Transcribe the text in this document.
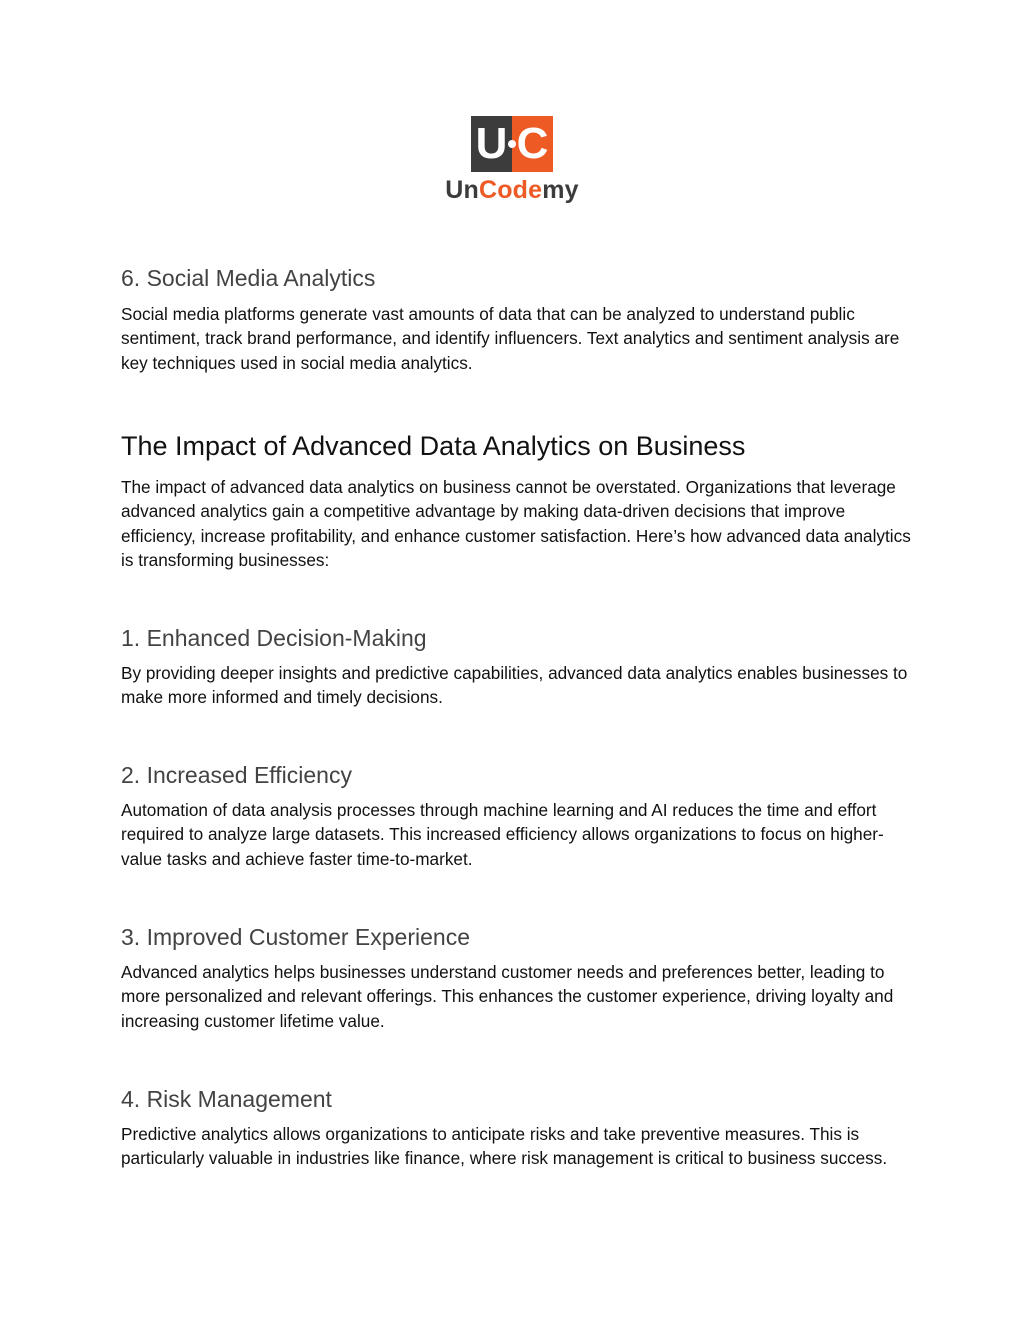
U C
UnCodemy
6. Social Media Analytics

Social media platforms generate vast amounts of data that can be analyzed to understand public sentiment, track brand performance, and identify influencers. Text analytics and sentiment analysis are key techniques used in social media analytics.

The Impact of Advanced Data Analytics on Business

The impact of advanced data analytics on business cannot be overstated. Organizations that leverage advanced analytics gain a competitive advantage by making data-driven decisions that improve efficiency, increase profitability, and enhance customer satisfaction. Here’s how advanced data analytics is transforming businesses:

1. Enhanced Decision-Making

By providing deeper insights and predictive capabilities, advanced data analytics enables businesses to make more informed and timely decisions.

2. Increased Efficiency

Automation of data analysis processes through machine learning and AI reduces the time and effort required to analyze large datasets. This increased efficiency allows organizations to focus on higher-value tasks and achieve faster time-to-market.

3. Improved Customer Experience

Advanced analytics helps businesses understand customer needs and preferences better, leading to more personalized and relevant offerings. This enhances the customer experience, driving loyalty and increasing customer lifetime value.

4. Risk Management

Predictive analytics allows organizations to anticipate risks and take preventive measures. This is particularly valuable in industries like finance, where risk management is critical to business success.
